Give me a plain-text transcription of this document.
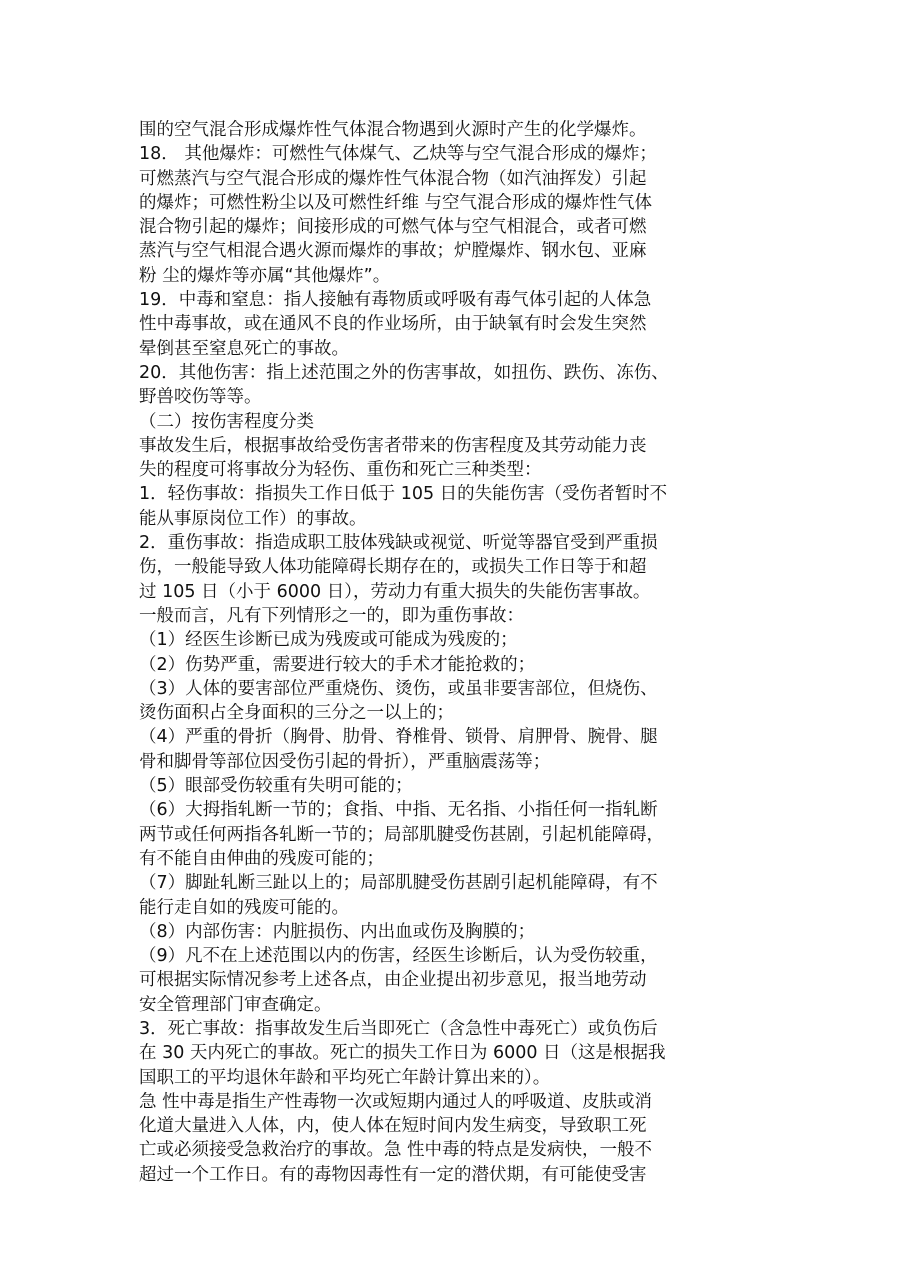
围的空气混合形成爆炸性气体混合物遇到火源时产生的化学爆炸。
18． 其他爆炸：可燃性气体煤气、乙炔等与空气混合形成的爆炸；
可燃蒸汽与空气混合形成的爆炸性气体混合物（如汽油挥发）引起
的爆炸；可燃性粉尘以及可燃性纤维 与空气混合形成的爆炸性气体
混合物引起的爆炸；间接形成的可燃气体与空气相混合，或者可燃
蒸汽与空气相混合遇火源而爆炸的事故；炉膛爆炸、钢水包、亚麻
粉 尘的爆炸等亦属“其他爆炸”。
19．中毒和窒息：指人接触有毒物质或呼吸有毒气体引起的人体急
性中毒事故，或在通风不良的作业场所，由于缺氧有时会发生突然
晕倒甚至窒息死亡的事故。
20．其他伤害：指上述范围之外的伤害事故，如扭伤、跌伤、冻伤、
野兽咬伤等等。
（二）按伤害程度分类
事故发生后，根据事故给受伤害者带来的伤害程度及其劳动能力丧
失的程度可将事故分为轻伤、重伤和死亡三种类型：
1．轻伤事故：指损失工作日低于 105 日的失能伤害（受伤者暂时不
能从事原岗位工作）的事故。
2．重伤事故：指造成职工肢体残缺或视觉、听觉等器官受到严重损
伤，一般能导致人体功能障碍长期存在的，或损失工作日等于和超
过 105 日（小于 6000 日），劳动力有重大损失的失能伤害事故。
一般而言，凡有下列情形之一的，即为重伤事故：
（1）经医生诊断已成为残废或可能成为残废的；
（2）伤势严重，需要进行较大的手术才能抢救的；
（3）人体的要害部位严重烧伤、烫伤，或虽非要害部位，但烧伤、
烫伤面积占全身面积的三分之一以上的；
（4）严重的骨折（胸骨、肋骨、脊椎骨、锁骨、肩胛骨、腕骨、腿
骨和脚骨等部位因受伤引起的骨折），严重脑震荡等；
（5）眼部受伤较重有失明可能的；
（6）大拇指轧断一节的；食指、中指、无名指、小指任何一指轧断
两节或任何两指各轧断一节的；局部肌腱受伤甚剧，引起机能障碍，
有不能自由伸曲的残废可能的；
（7）脚趾轧断三趾以上的；局部肌腱受伤甚剧引起机能障碍，有不
能行走自如的残废可能的。
（8）内部伤害：内脏损伤、内出血或伤及胸膜的；
（9）凡不在上述范围以内的伤害，经医生诊断后，认为受伤较重，
可根据实际情况参考上述各点，由企业提出初步意见，报当地劳动
安全管理部门审查确定。
3．死亡事故：指事故发生后当即死亡（含急性中毒死亡）或负伤后
在 30 天内死亡的事故。死亡的损失工作日为 6000 日（这是根据我
国职工的平均退休年龄和平均死亡年龄计算出来的）。
急 性中毒是指生产性毒物一次或短期内通过人的呼吸道、皮肤或消
化道大量进入人体，内，使人体在短时间内发生病变，导致职工死
亡或必须接受急救治疗的事故。急 性中毒的特点是发病快，一般不
超过一个工作日。有的毒物因毒性有一定的潜伏期，有可能使受害
